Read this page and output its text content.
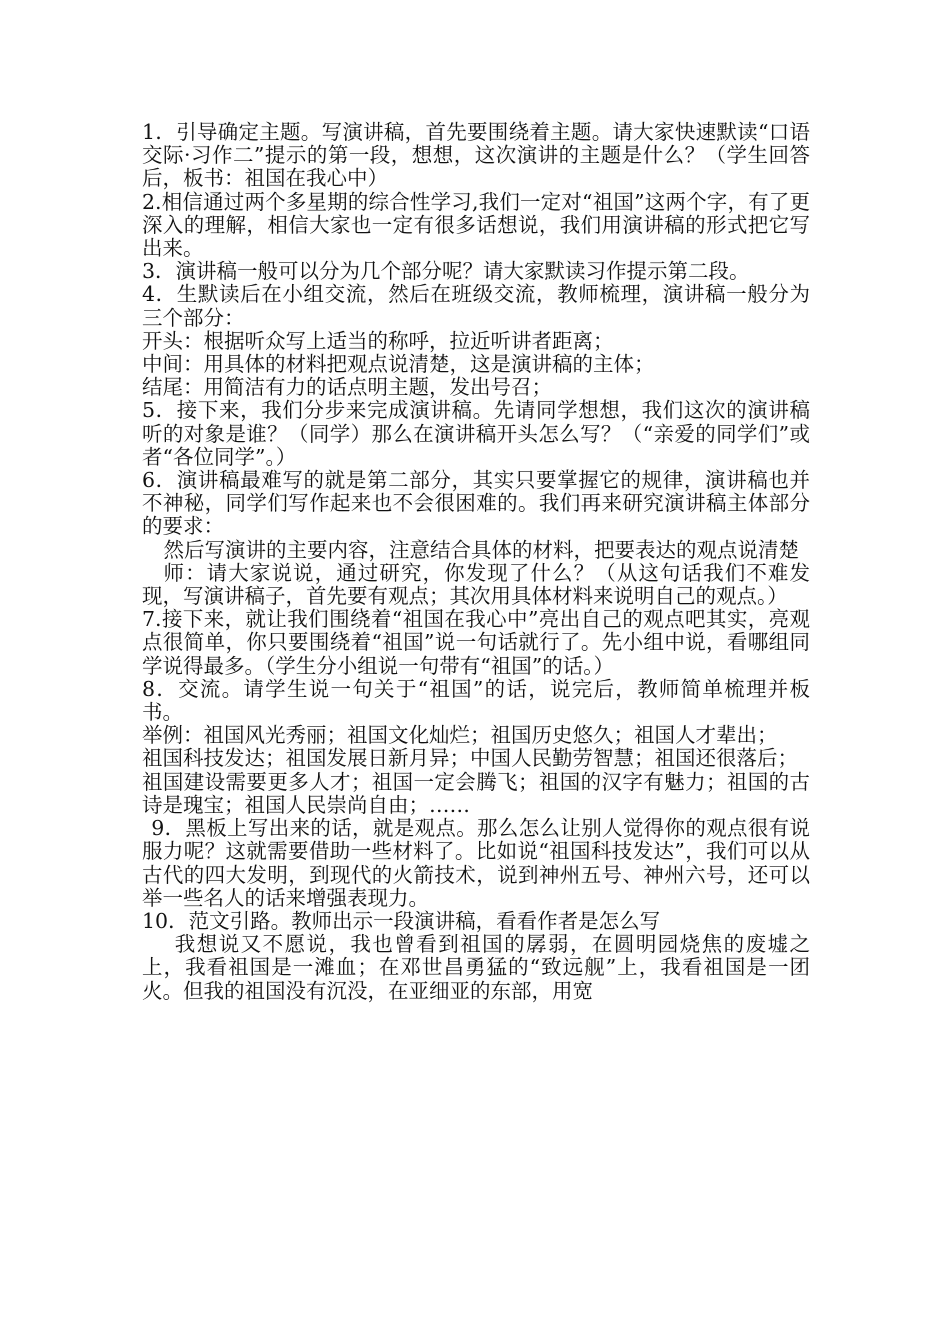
1．引导确定主题。写演讲稿，首先要围绕着主题。请大家快速默读“口语交际·习作二”提示的第一段，想想，这次演讲的主题是什么？（学生回答后，板书：祖国在我心中）

2.相信通过两个多星期的综合性学习,我们一定对“祖国”这两个字，有了更深入的理解，相信大家也一定有很多话想说，我们用演讲稿的形式把它写出来。

3．演讲稿一般可以分为几个部分呢？请大家默读习作提示第二段。

4．生默读后在小组交流，然后在班级交流，教师梳理，演讲稿一般分为三个部分：

开头：根据听众写上适当的称呼，拉近听讲者距离；

中间：用具体的材料把观点说清楚，这是演讲稿的主体；

结尾：用简洁有力的话点明主题，发出号召；

5．接下来，我们分步来完成演讲稿。先请同学想想，我们这次的演讲稿听的对象是谁？（同学）那么在演讲稿开头怎么写？（“亲爱的同学们”或者“各位同学”。）

6．演讲稿最难写的就是第二部分，其实只要掌握它的规律，演讲稿也并不神秘，同学们写作起来也不会很困难的。我们再来研究演讲稿主体部分的要求：

然后写演讲的主要内容，注意结合具体的材料，把要表达的观点说清楚

师：请大家说说，通过研究，你发现了什么？（从这句话我们不难发现，写演讲稿子，首先要有观点；其次用具体材料来说明自己的观点。）

7.接下来，就让我们围绕着“祖国在我心中”亮出自己的观点吧其实，亮观点很简单，你只要围绕着“祖国”说一句话就行了。先小组中说，看哪组同学说得最多。（学生分小组说一句带有“祖国”的话。）

8．交流。请学生说一句关于“祖国”的话，说完后，教师简单梳理并板书。

举例：祖国风光秀丽；祖国文化灿烂；祖国历史悠久；祖国人才辈出；

祖国科技发达；祖国发展日新月异；中国人民勤劳智慧；祖国还很落后；

祖国建设需要更多人才；祖国一定会腾飞；祖国的汉字有魅力；祖国的古诗是瑰宝；祖国人民崇尚自由；……

9．黑板上写出来的话，就是观点。那么怎么让别人觉得你的观点很有说服力呢？这就需要借助一些材料了。比如说“祖国科技发达”，我们可以从古代的四大发明，到现代的火箭技术，说到神州五号、神州六号，还可以举一些名人的话来增强表现力。

10．范文引路。教师出示一段演讲稿，看看作者是怎么写

我想说又不愿说，我也曾看到祖国的孱弱，在圆明园烧焦的废墟之上，我看祖国是一滩血；在邓世昌勇猛的“致远舰”上，我看祖国是一团火。但我的祖国没有沉没，在亚细亚的东部，用宽
